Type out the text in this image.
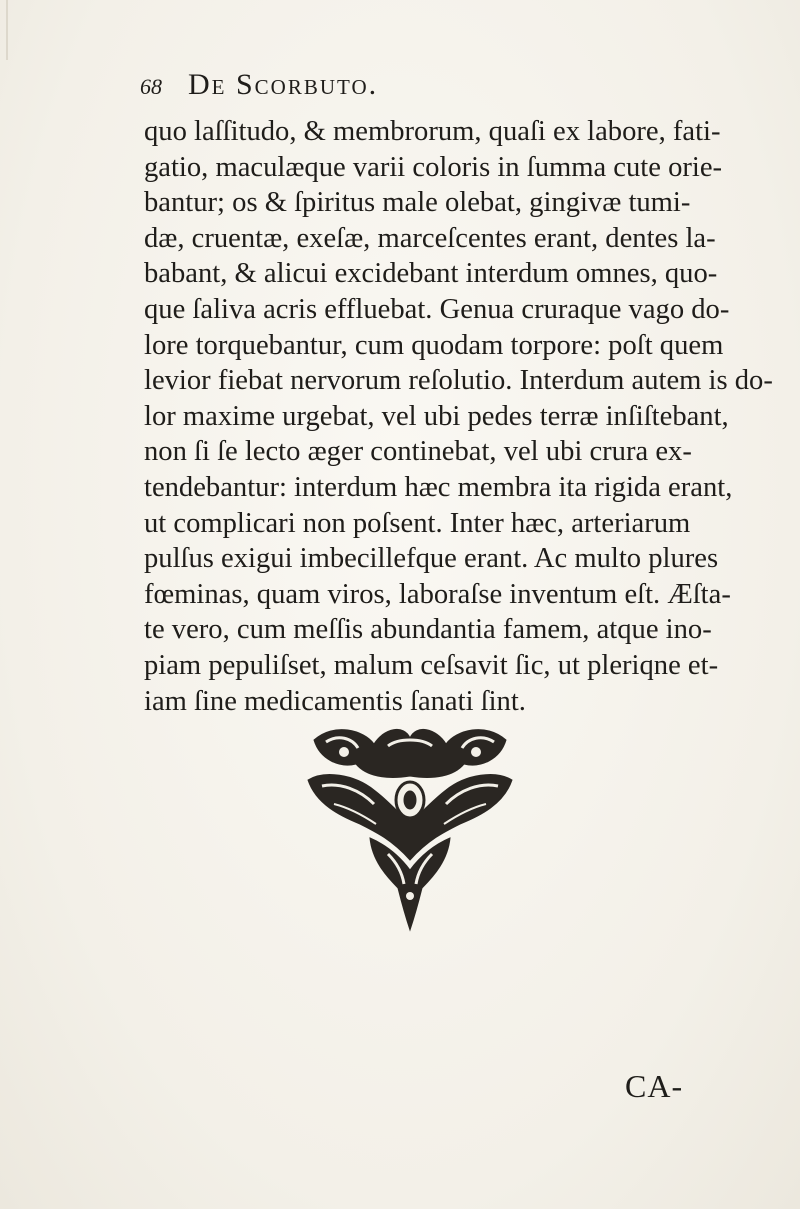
68 De Scorbuto.
quo laſſitudo, & membrorum, quaſi ex labore, fati-
gatio, maculæque varii coloris in ſumma cute orie-
bantur; os & ſpiritus male olebat, gingivæ tumi-
dæ, cruentæ, exeſæ, marceſcentes erant, dentes la-
babant, & alicui excidebant interdum omnes, quo-
que ſaliva acris effluebat. Genua cruraque vago do-
lore torquebantur, cum quodam torpore: poſt quem
levior fiebat nervorum reſolutio. Interdum autem is do-
lor maxime urgebat, vel ubi pedes terræ inſiſtebant,
non ſi ſe lecto æger continebat, vel ubi crura ex-
tendebantur: interdum hæc membra ita rigida erant,
ut complicari non poſsent. Inter hæc, arteriarum
pulſus exigui imbecillefque erant. Ac multo plures
fœminas, quam viros, laboraſse inventum eſt. Æſta-
te vero, cum meſſis abundantia famem, atque ino-
piam pepuliſset, malum ceſsavit ſic, ut pleriqne et-
iam ſine medicamentis ſanati ſint.
CA-
